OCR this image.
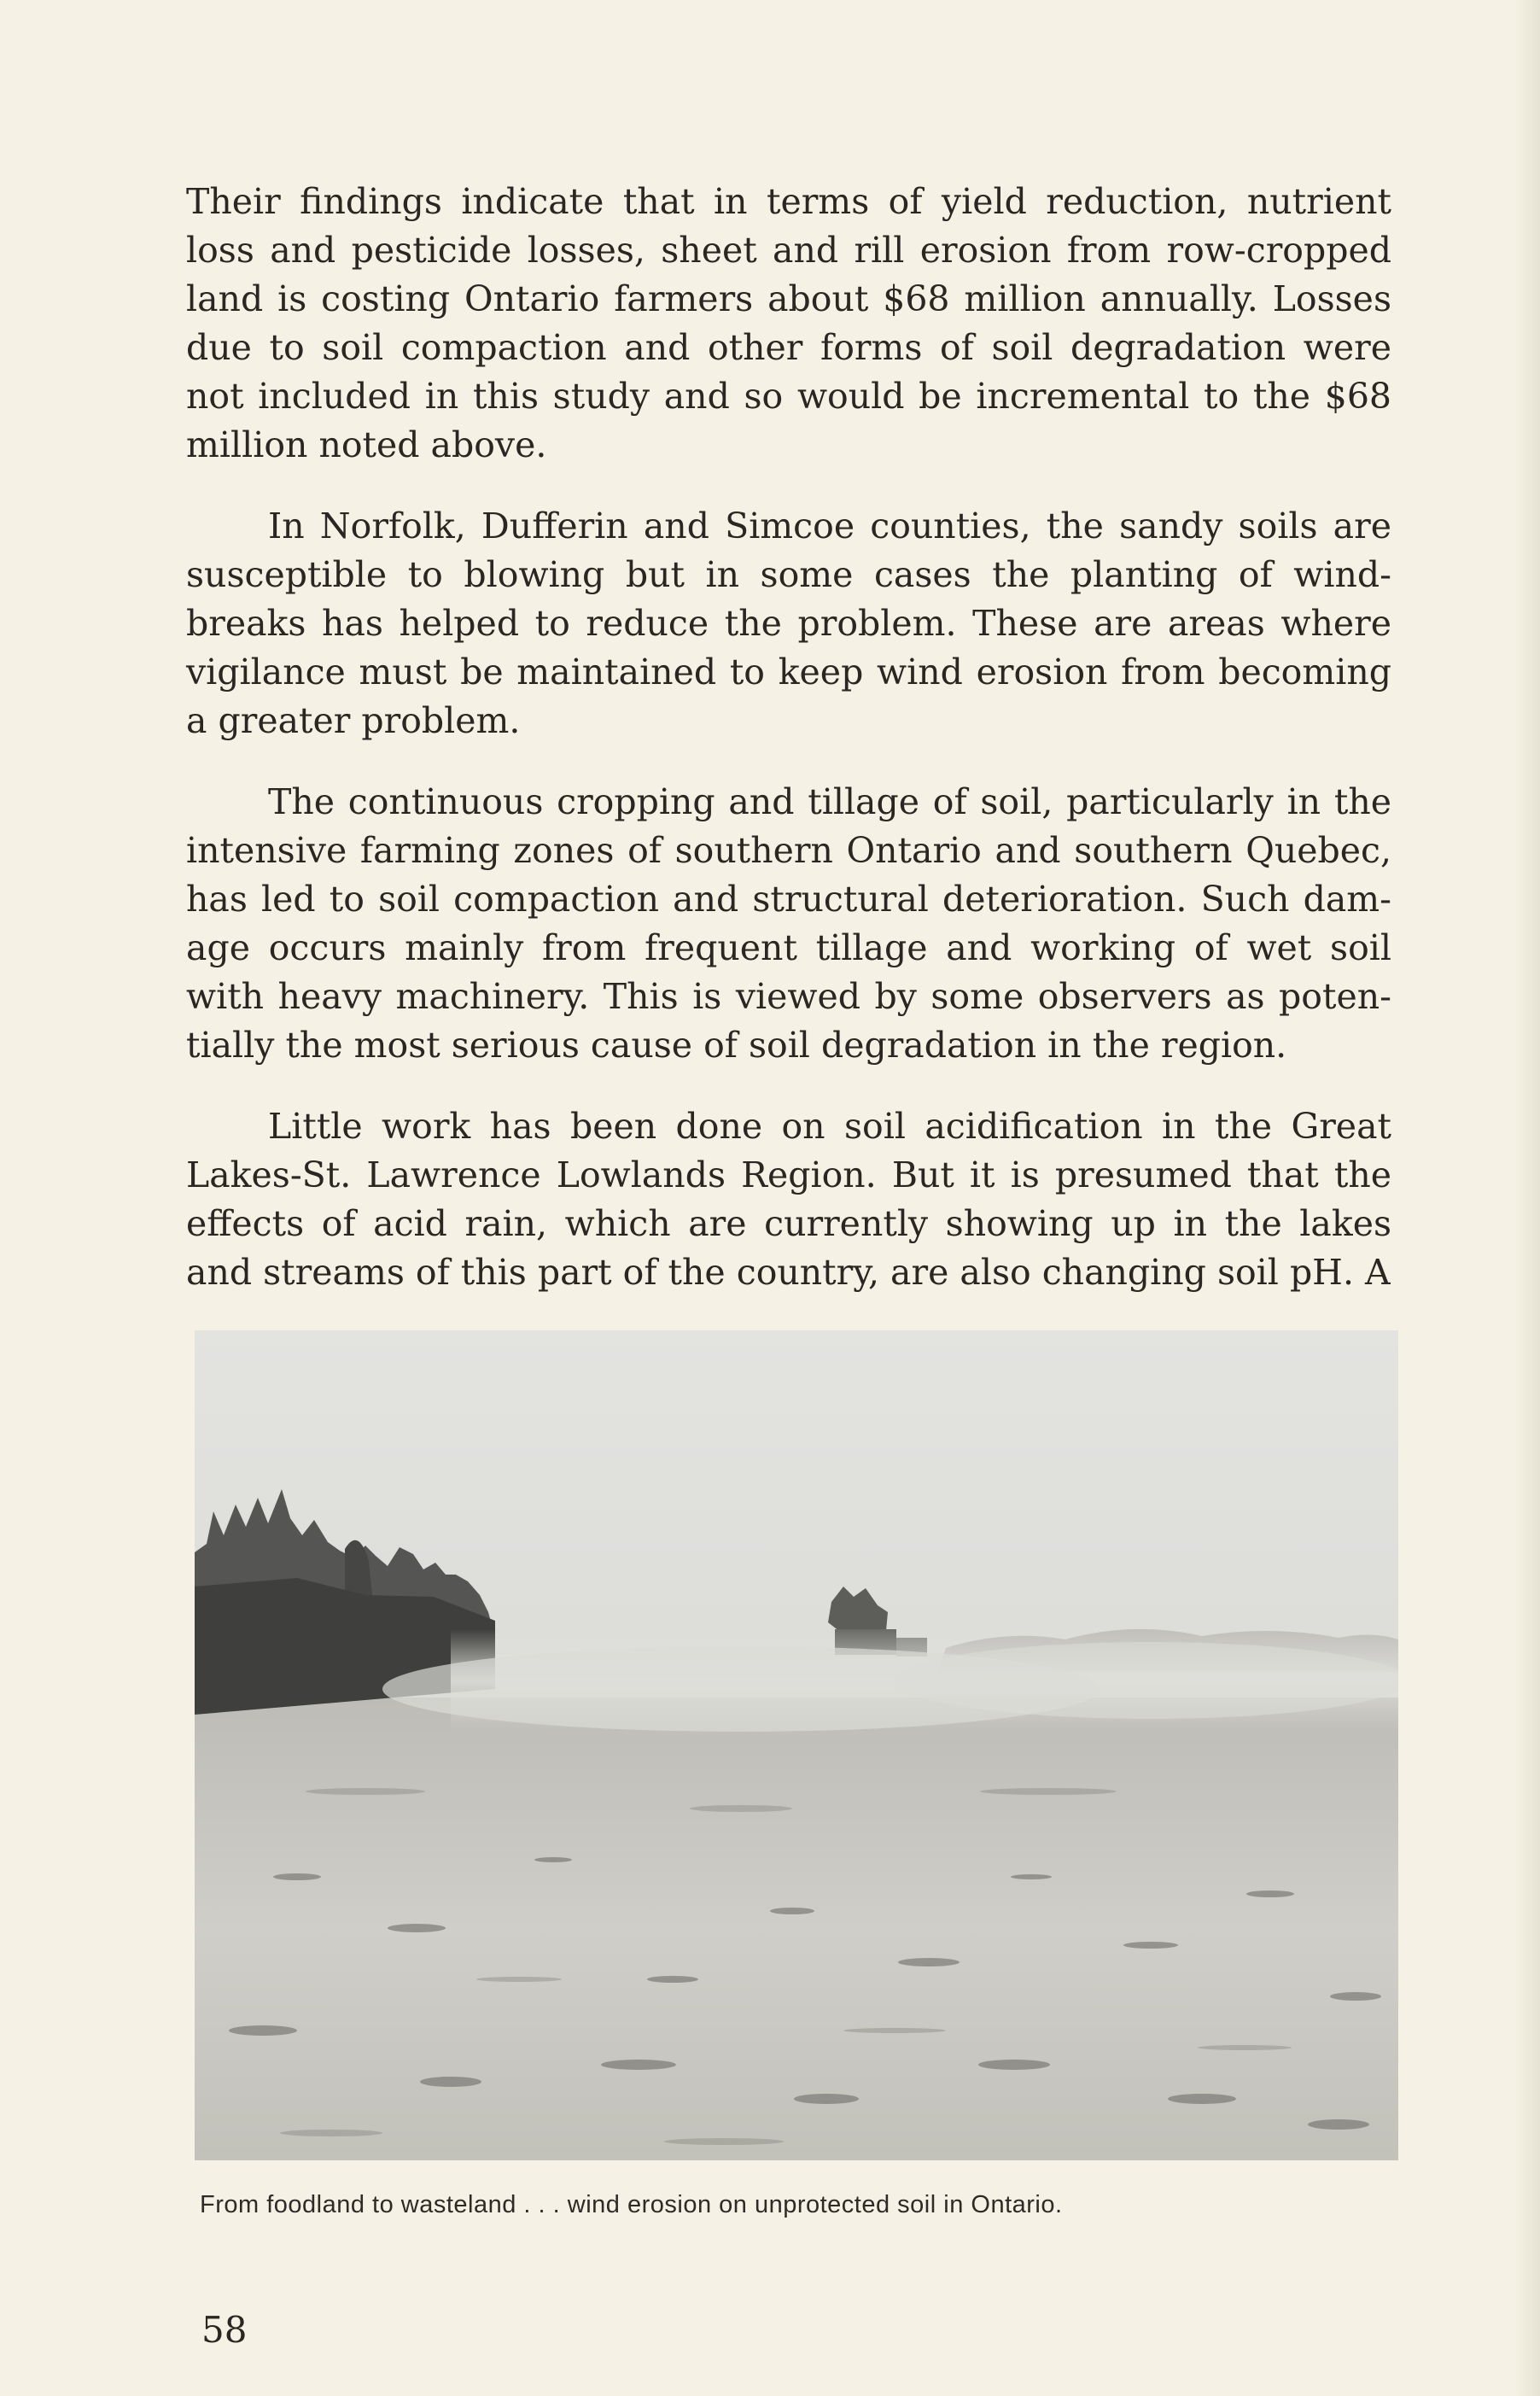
Their findings indicate that in terms of yield reduction, nutrient loss and pesticide losses, sheet and rill erosion from row-cropped land is costing Ontario farmers about $68 million annually. Losses due to soil compaction and other forms of soil degradation were not included in this study and so would be incremental to the $68 million noted above.

In Norfolk, Dufferin and Simcoe counties, the sandy soils are susceptible to blowing but in some cases the planting of windbreaks has helped to reduce the problem. These are areas where vigilance must be maintained to keep wind erosion from becoming a greater problem.

The continuous cropping and tillage of soil, particularly in the intensive farming zones of southern Ontario and southern Quebec, has led to soil compaction and structural deterioration. Such damage occurs mainly from frequent tillage and working of wet soil with heavy machinery. This is viewed by some observers as potentially the most serious cause of soil degradation in the region.

Little work has been done on soil acidification in the Great Lakes-St. Lawrence Lowlands Region. But it is presumed that the effects of acid rain, which are currently showing up in the lakes and streams of this part of the country, are also changing soil pH. A

From foodland to wasteland . . . wind erosion on unprotected soil in Ontario.
58
